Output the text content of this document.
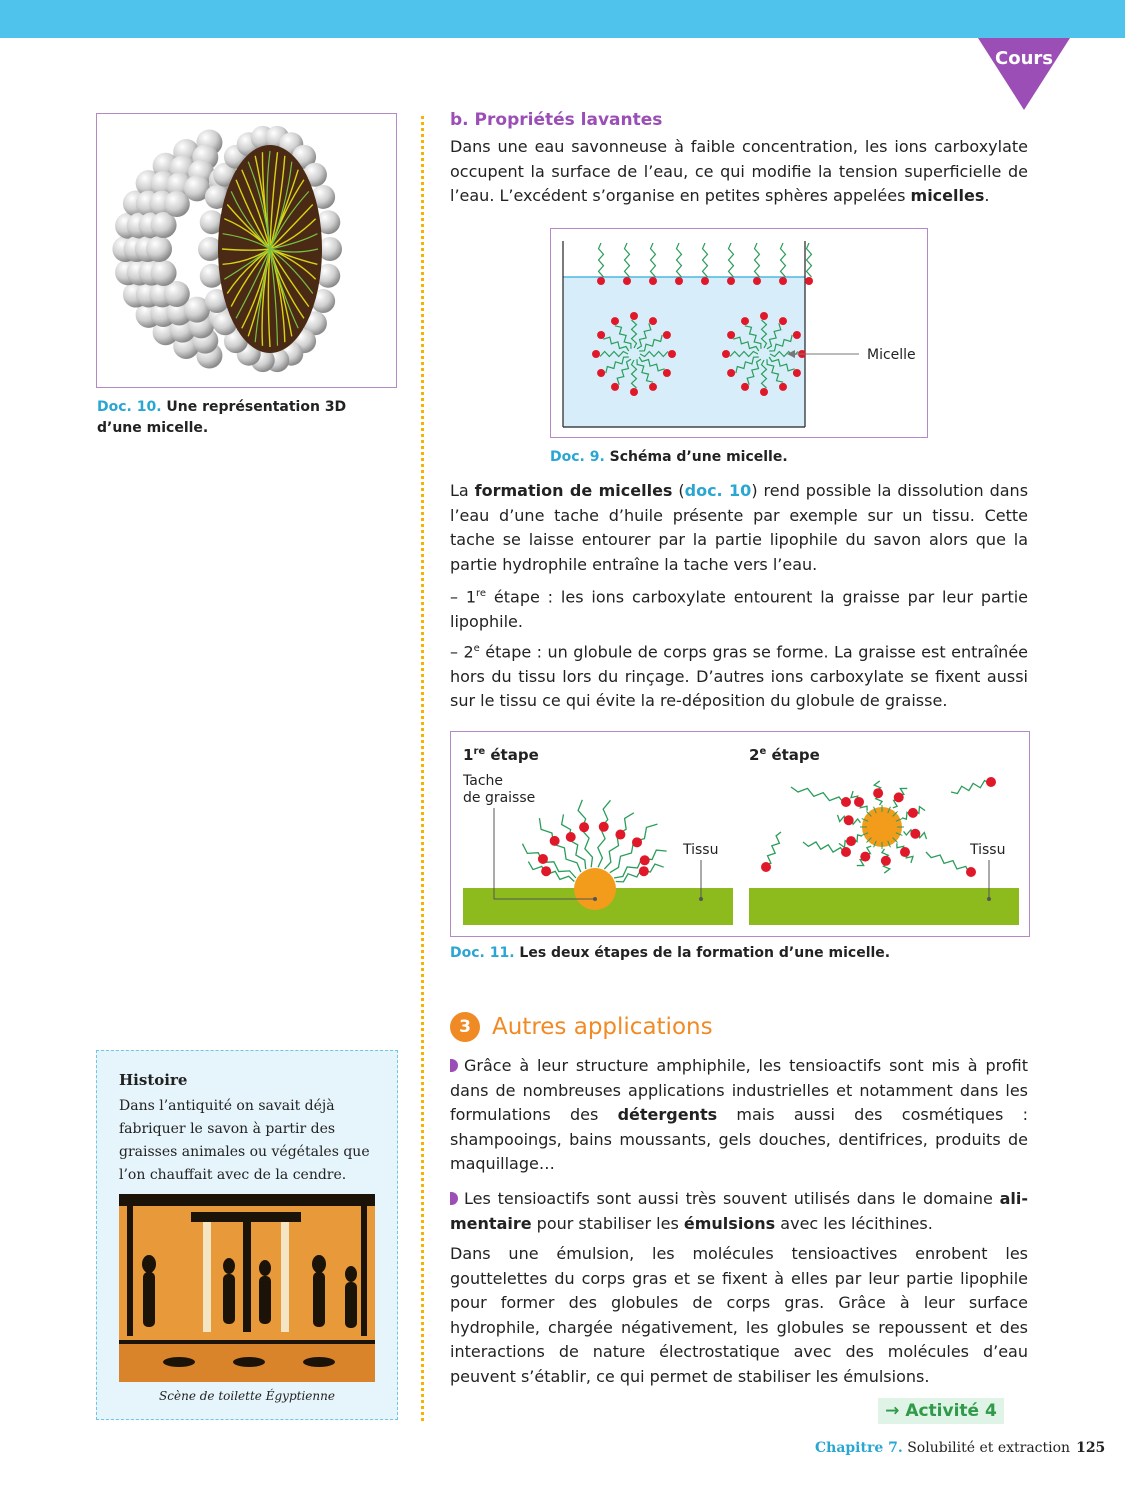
Cours
Doc. 10. Une représentation 3D
d’une micelle.
b. Propriétés lavantes
Dans une eau savonneuse à faible concentration, les ions carboxylate occupent la surface de l’eau, ce qui modifie la tension superficielle de l’eau. L’excédent s’organise en petites sphères appelées micelles.
Micelle
Doc. 9. Schéma d’une micelle.
La formation de micelles (doc. 10) rend possible la dissolution dans l’eau d’une tache d’huile présente par exemple sur un tissu. Cette tache se laisse entourer par la partie lipophile du savon alors que la partie hydrophile entraîne la tache vers l’eau.
– 1re étape : les ions carboxylate entourent la graisse par leur partie lipophile.
– 2e étape : un globule de corps gras se forme. La graisse est entraînée hors du tissu lors du rinçage. D’autres ions carboxylate se fixent aussi sur le tissu ce qui évite la re-déposition du globule de graisse.
1re étape	2e étape
Tache
de graisse
Tissu	Tissu
Doc. 11. Les deux étapes de la formation d’une micelle.
3 Autres applications
Grâce à leur structure amphiphile, les tensioactifs sont mis à profit dans de nombreuses applications industrielles et notamment dans les formulations des détergents mais aussi des cosmétiques : shampooings, bains moussants, gels douches, dentifrices, produits de maquillage…
Les tensioactifs sont aussi très souvent utilisés dans le domaine ali-mentaire pour stabiliser les émulsions avec les lécithines.
Dans une émulsion, les molécules tensioactives enrobent les gouttelettes du corps gras et se fixent à elles par leur partie lipophile pour former des globules de corps gras. Grâce à leur surface hydrophile, chargée négativement, les globules se repoussent et des interactions de nature électrostatique avec des molécules d’eau peuvent s’établir, ce qui permet de stabiliser les émulsions.
→ Activité 4
Histoire
Dans l’antiquité on savait déjà fabriquer le savon à partir des graisses animales ou végétales que l’on chauffait avec de la cendre.
Scène de toilette Égyptienne
Chapitre 7. Solubilité et extraction 125
